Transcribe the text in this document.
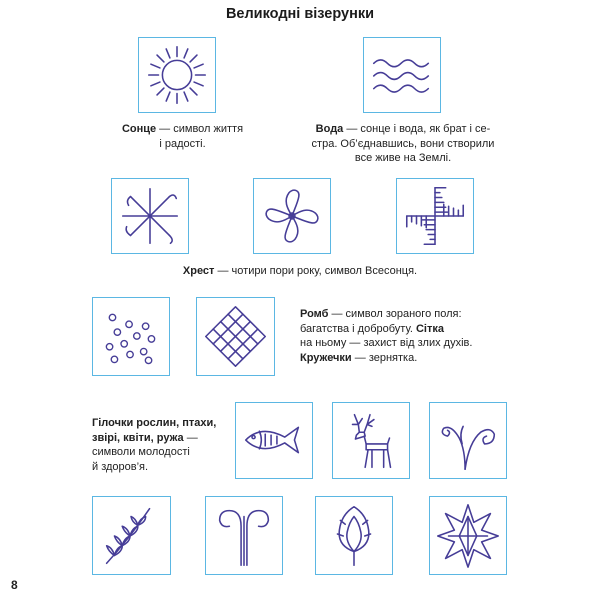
Великодні візерунки
Сонце — символ життя
і радості.
Вода — сонце і вода, як брат і се-
стра. Об’єднавшись, вони створили
все живе на Землі.
Хрест — чотири пори року, символ Всесонця.
Ромб — символ зораного поля:
багатства і добробуту. Сітка
на ньому — захист від злих духів.
Кружечки — зернятка.
Гілочки рослин, птахи,
звірі, квіти, ружа —
символи молодості
й здоров’я.
8
